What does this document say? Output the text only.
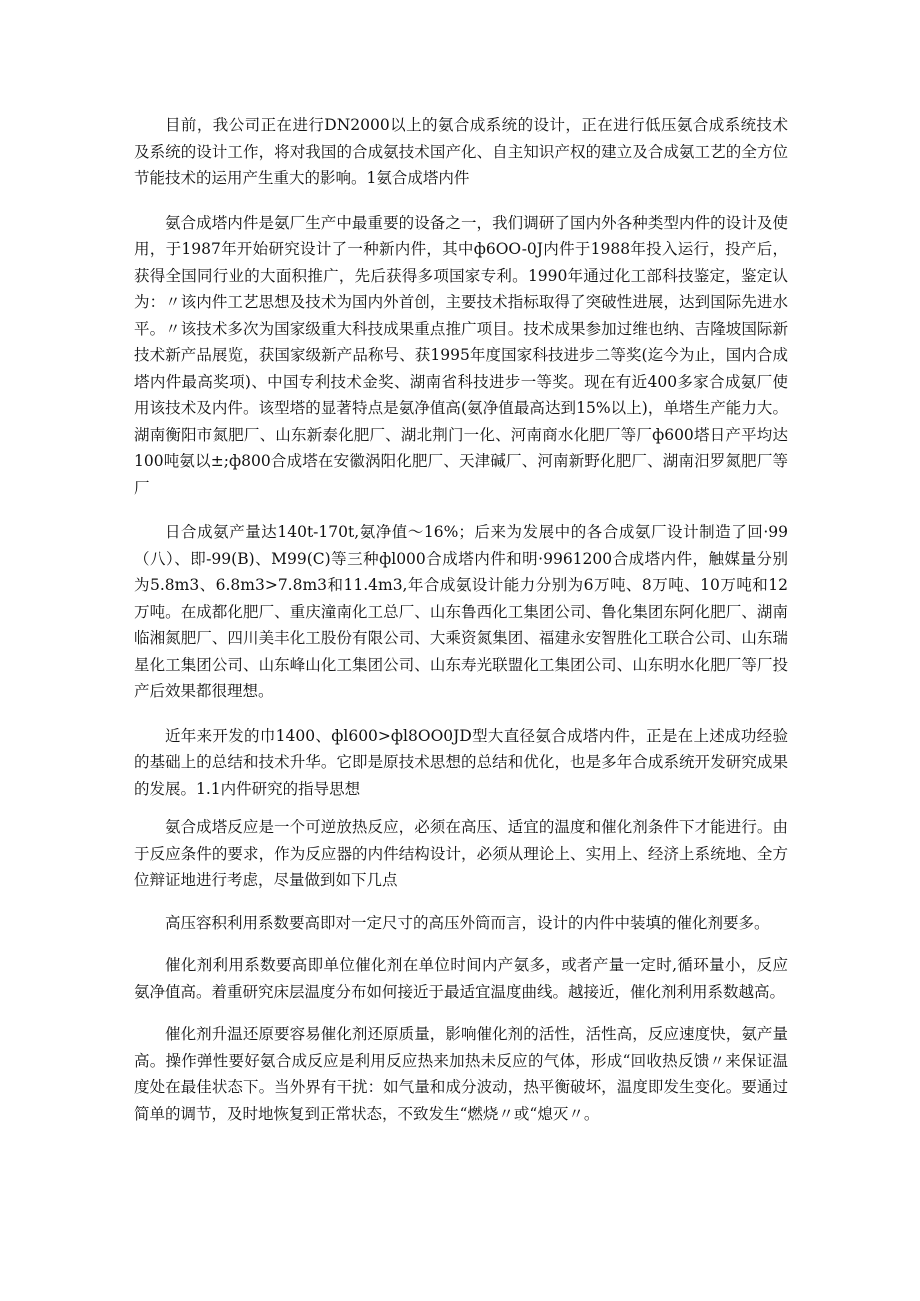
目前，我公司正在进行DN2000以上的氨合成系统的设计，正在进行低压氨合成系统技术及系统的设计工作，将对我国的合成氨技术国产化、自主知识产权的建立及合成氨工艺的全方位节能技术的运用产生重大的影响。1氨合成塔内件

氨合成塔内件是氨厂生产中最重要的设备之一，我们调研了国内外各种类型内件的设计及使用，于1987年开始研究设计了一种新内件，其中ф6OO-0J内件于1988年投入运行，投产后，获得全国同行业的大面积推广，先后获得多项国家专利。1990年通过化工部科技鉴定，鉴定认为：〃该内件工艺思想及技术为国内外首创，主要技术指标取得了突破性进展，达到国际先进水平。〃该技术多次为国家级重大科技成果重点推广项目。技术成果参加过维也纳、吉隆坡国际新技术新产品展览，获国家级新产品称号、获1995年度国家科技进步二等奖(迄今为止，国内合成塔内件最高奖项)、中国专利技术金奖、湖南省科技进步一等奖。现在有近400多家合成氨厂使用该技术及内件。该型塔的显著特点是氨净值高(氨净值最高达到15%以上)，单塔生产能力大。湖南衡阳市氮肥厂、山东新泰化肥厂、湖北荆门一化、河南商水化肥厂等厂ф600塔日产平均达100吨氨以±;ф800合成塔在安徽涡阳化肥厂、天津碱厂、河南新野化肥厂、湖南汨罗氮肥厂等厂

日合成氨产量达140t-170t,氨净值～16%；后来为发展中的各合成氨厂设计制造了回·99（八）、即-99(B)、M99(C)等三种фl000合成塔内件和明·9961200合成塔内件，触媒量分别为5.8m3、6.8m3>7.8m3和11.4m3,年合成氨设计能力分别为6万吨、8万吨、10万吨和12万吨。在成都化肥厂、重庆潼南化工总厂、山东鲁西化工集团公司、鲁化集团东阿化肥厂、湖南临湘氮肥厂、四川美丰化工股份有限公司、大乘资氮集团、福建永安智胜化工联合公司、山东瑞星化工集团公司、山东峰山化工集团公司、山东寿光联盟化工集团公司、山东明水化肥厂等厂投产后效果都很理想。

近年来开发的巾1400、фl600>фl8OO0JD型大直径氨合成塔内件，正是在上述成功经验的基础上的总结和技术升华。它即是原技术思想的总结和优化，也是多年合成系统开发研究成果的发展。1.1内件研究的指导思想

氨合成塔反应是一个可逆放热反应，必须在高压、适宜的温度和催化剂条件下才能进行。由于反应条件的要求，作为反应器的内件结构设计，必须从理论上、实用上、经济上系统地、全方位辩证地进行考虑，尽量做到如下几点

高压容积利用系数要高即对一定尺寸的高压外筒而言，设计的内件中装填的催化剂要多。

催化剂利用系数要高即单位催化剂在单位时间内产氨多，或者产量一定时,循环量小，反应氨净值高。着重研究床层温度分布如何接近于最适宜温度曲线。越接近，催化剂利用系数越高。

催化剂升温还原要容易催化剂还原质量，影响催化剂的活性，活性高，反应速度快，氨产量高。操作弹性要好氨合成反应是利用反应热来加热未反应的气体，形成“回收热反馈〃来保证温度处在最佳状态下。当外界有干扰：如气量和成分波动，热平衡破坏，温度即发生变化。要通过简单的调节，及时地恢复到正常状态，不致发生“燃烧〃或“熄灭〃。
